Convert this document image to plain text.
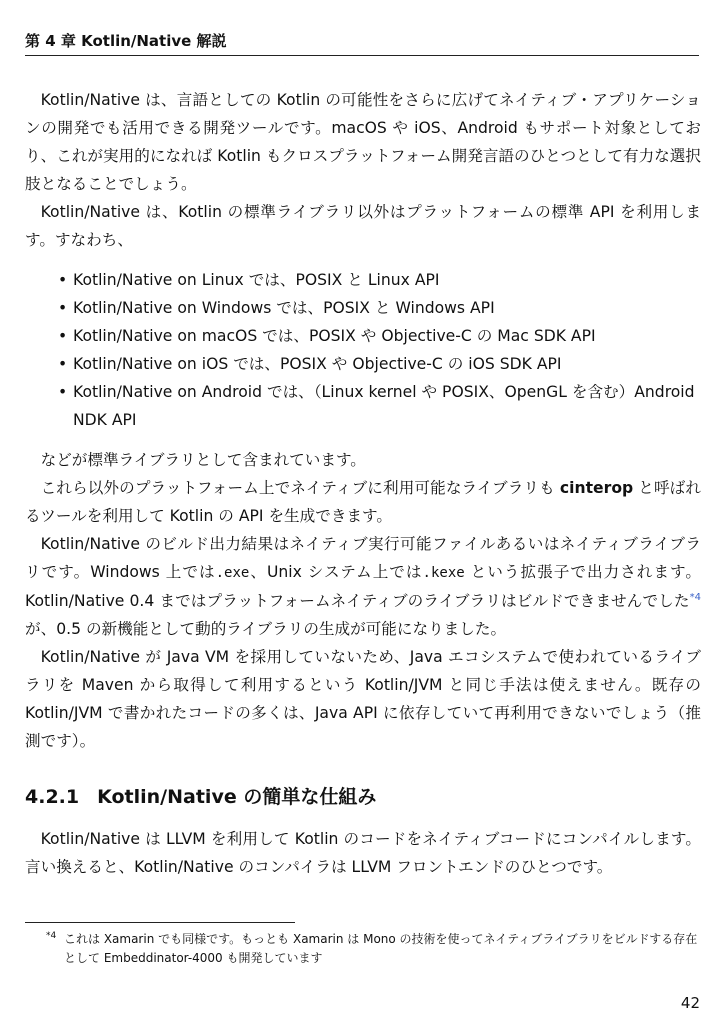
第 4 章 Kotlin/Native 解説

Kotlin/Native は、言語としての Kotlin の可能性をさらに広げてネイティブ・アプリケーションの開発でも活用できる開発ツールです。macOS や iOS、Android もサポート対象としており、これが実用的になれば Kotlin もクロスプラットフォーム開発言語のひとつとして有力な選択肢となることでしょう。

Kotlin/Native は、Kotlin の標準ライブラリ以外はプラットフォームの標準 API を利用します。すなわち、

• Kotlin/Native on Linux では、POSIX と Linux API
• Kotlin/Native on Windows では、POSIX と Windows API
• Kotlin/Native on macOS では、POSIX や Objective-C の Mac SDK API
• Kotlin/Native on iOS では、POSIX や Objective-C の iOS SDK API
• Kotlin/Native on Android では、（Linux kernel や POSIX、OpenGL を含む）Android NDK API

などが標準ライブラリとして含まれています。

これら以外のプラットフォーム上でネイティブに利用可能なライブラリも cinterop と呼ばれるツールを利用して Kotlin の API を生成できます。

Kotlin/Native のビルド出力結果はネイティブ実行可能ファイルあるいはネイティブライブラリです。Windows 上では.exe、Unix システム上では.kexe という拡張子で出力されます。Kotlin/Native 0.4 まではプラットフォームネイティブのライブラリはビルドできませんでした$^{*4}$が、0.5 の新機能として動的ライブラリの生成が可能になりました。

Kotlin/Native が Java VM を採用していないため、Java エコシステムで使われているライブラリを Maven から取得して利用するという Kotlin/JVM と同じ手法は使えません。既存の Kotlin/JVM で書かれたコードの多くは、Java API に依存していて再利用できないでしょう（推測です）。

4.2.1 Kotlin/Native の簡単な仕組み

Kotlin/Native は LLVM を利用して Kotlin のコードをネイティブコードにコンパイルします。言い換えると、Kotlin/Native のコンパイラは LLVM フロントエンドのひとつです。

*4 これは Xamarin でも同様です。もっとも Xamarin は Mono の技術を使ってネイティブライブラリをビルドする存在として Embeddinator-4000 も開発しています
42
